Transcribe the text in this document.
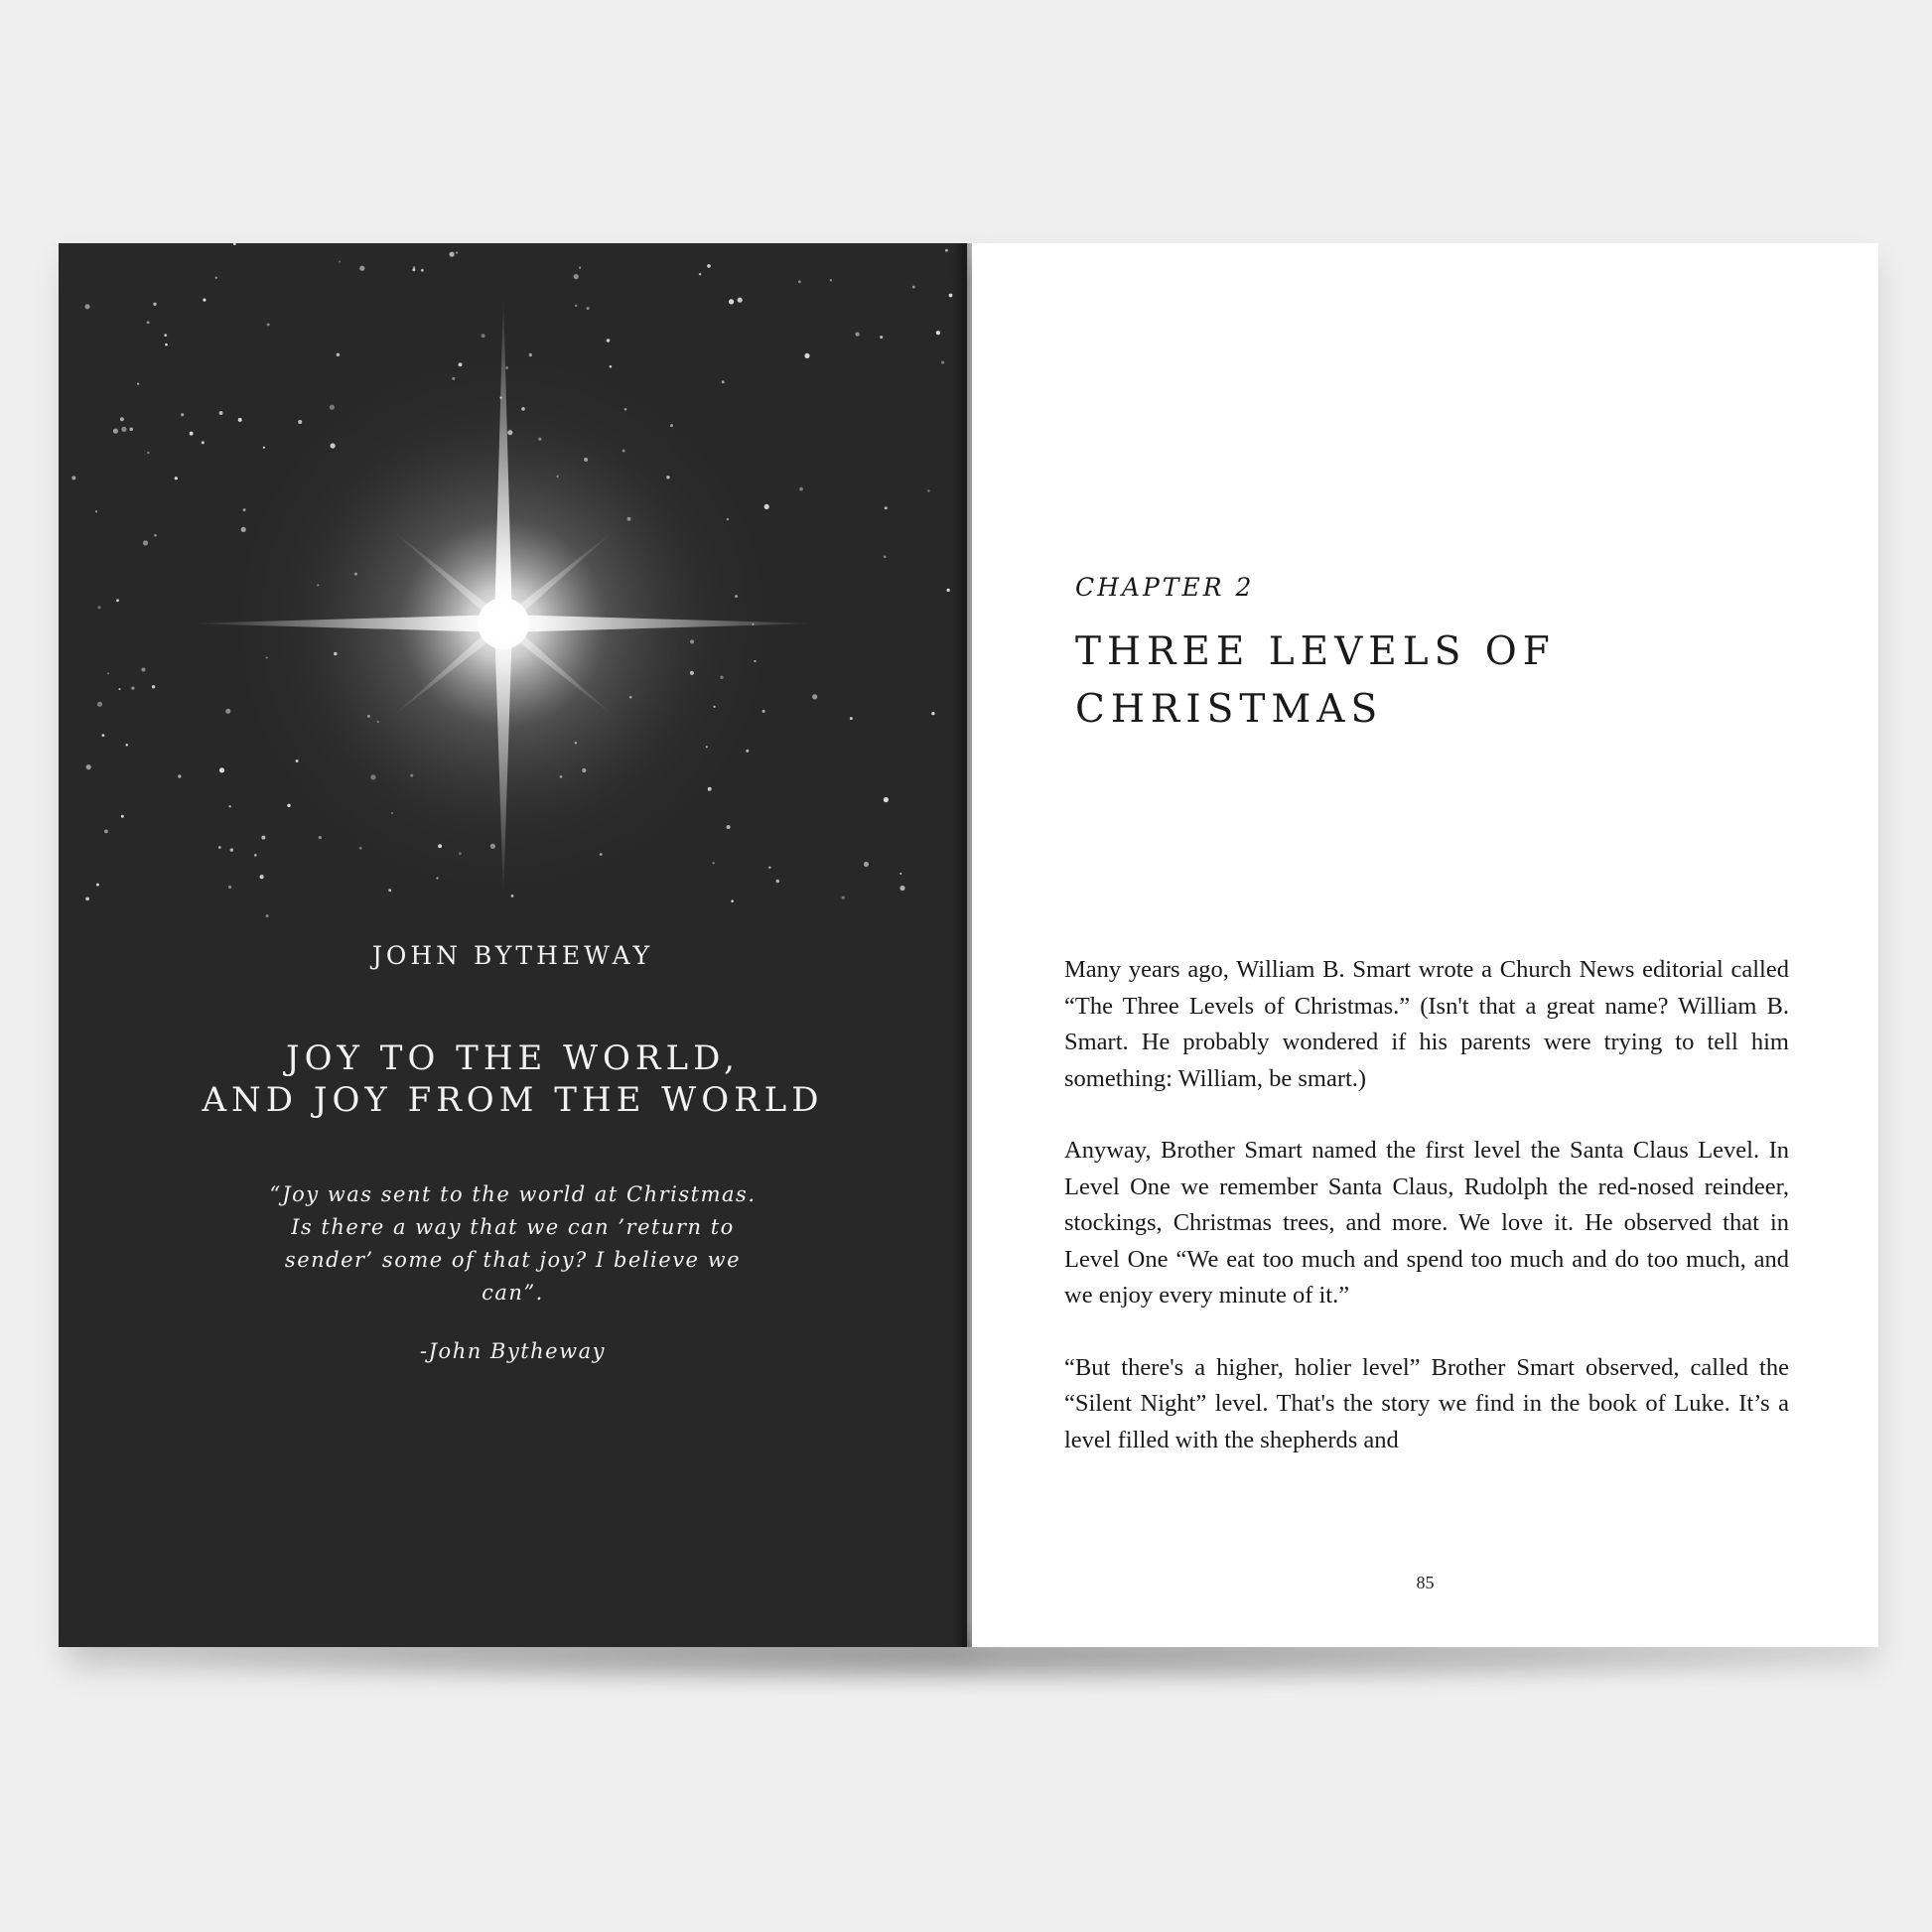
JOHN BYTHEWAY
JOY TO THE WORLD,
AND JOY FROM THE WORLD
“Joy was sent to the world at Christmas. Is there a way that we can ’return to sender’ some of that joy? I believe we can”.
-John Bytheway
CHAPTER 2
THREE LEVELS OF
CHRISTMAS

Many years ago, William B. Smart wrote a Church News editorial called “The Three Levels of Christmas.” (Isn't that a great name? William B. Smart. He probably wondered if his parents were trying to tell him something: William, be smart.)

Anyway, Brother Smart named the first level the Santa Claus Level. In Level One we remember Santa Claus, Rudolph the red-nosed reindeer, stockings, Christmas trees, and more. We love it. He observed that in Level One “We eat too much and spend too much and do too much, and we enjoy every minute of it.”

“But there's a higher, holier level” Brother Smart observed, called the “Silent Night” level. That's the story we find in the book of Luke. It’s a level filled with the shepherds and

85
